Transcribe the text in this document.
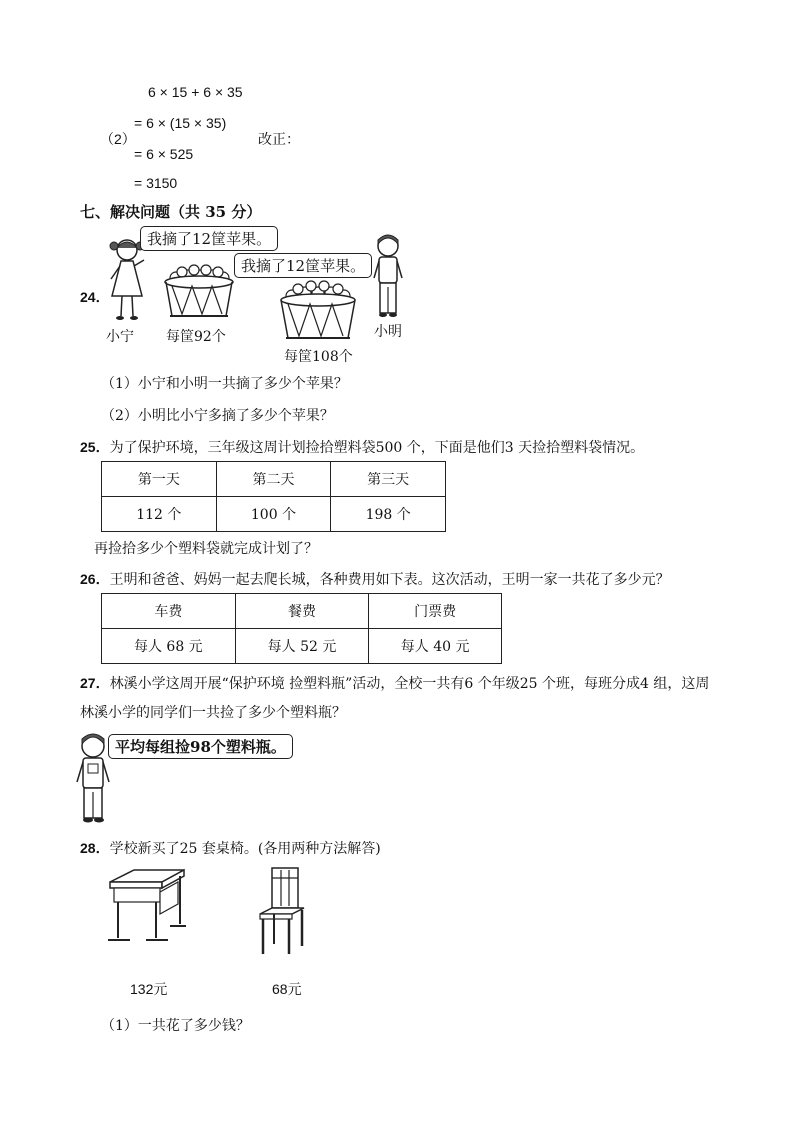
6 × 15 + 6 × 35
（2）
= 6 × (15 × 35)
= 6 × 525
= 3150
改正：
七、解决问题（共 35 分）
24．
我摘了12筐苹果。
小宁 每筐92个
每筐108个
我摘了12筐苹果。
小明
（1）小宁和小明一共摘了多少个苹果？
（2）小明比小宁多摘了多少个苹果？
25．为了保护环境，三年级这周计划捡拾塑料袋500 个，下面是他们3 天捡拾塑料袋情况。
第一天	第二天	第三天
112 个	100 个	198 个
再捡拾多少个塑料袋就完成计划了？
26．王明和爸爸、妈妈一起去爬长城，各种费用如下表。这次活动，王明一家一共花了多少元？
车费	餐费	门票费
每人 68 元	每人 52 元	每人 40 元
27．林溪小学这周开展“保护环境 捡塑料瓶”活动，全校一共有6 个年级25 个班，每班分成4 组，这周
林溪小学的同学们一共捡了多少个塑料瓶？
平均每组捡98个塑料瓶。
28．学校新买了25 套桌椅。(各用两种方法解答)
132元	68元
（1）一共花了多少钱？
